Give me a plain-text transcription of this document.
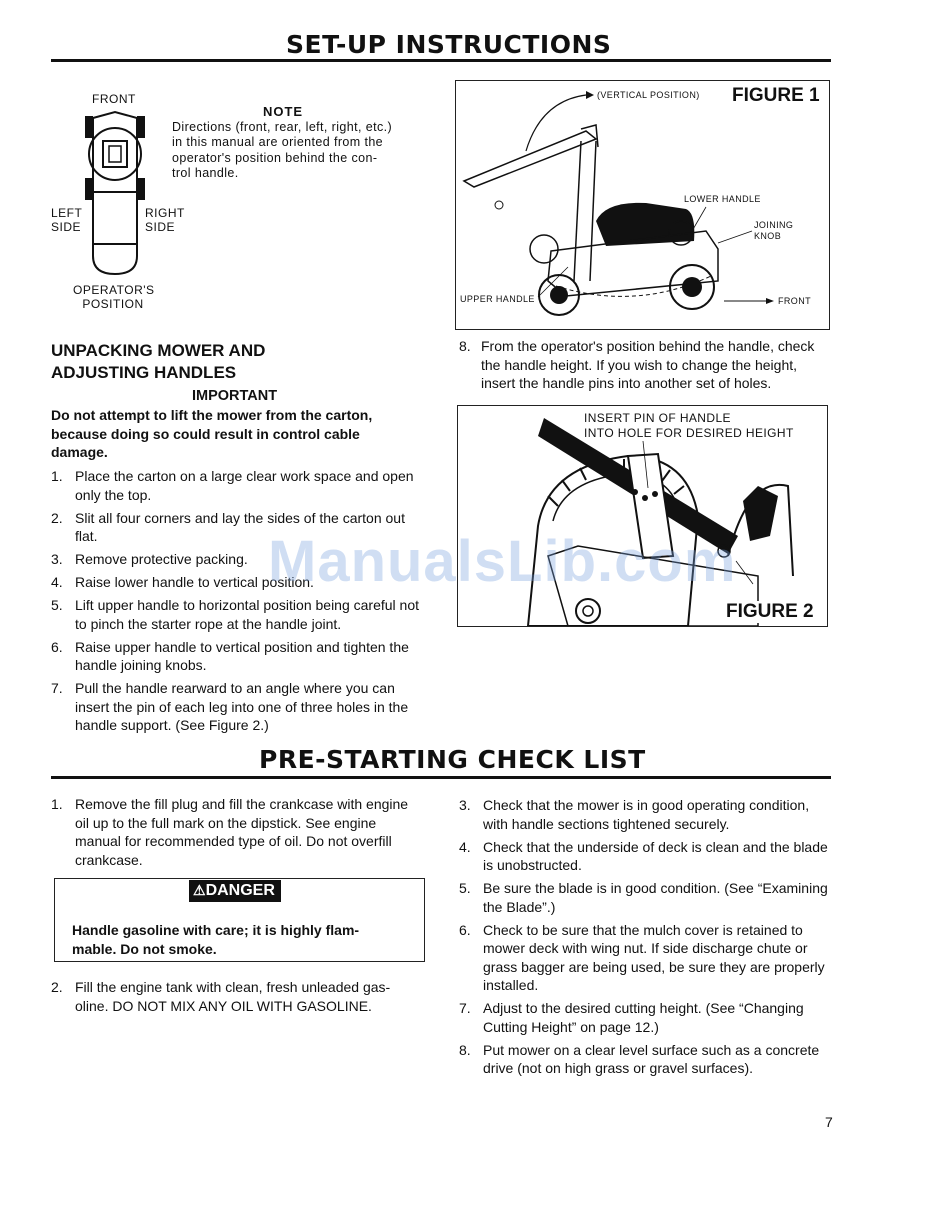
SET-UP INSTRUCTIONS
FRONT
LEFT
SIDE
RIGHT
SIDE
OPERATOR'S
POSITION
NOTE
Directions (front, rear, left, right, etc.)
in this manual are oriented from the
operator's position behind the con-
trol handle.
FIGURE 1
(VERTICAL POSITION)
LOWER HANDLE
JOINING
KNOB
UPPER HANDLE	FRONT
UNPACKING MOWER AND
ADJUSTING HANDLES
IMPORTANT
Do not attempt to lift the mower from the carton,
because doing so could result in control cable
damage.
1. Place the carton on a large clear work space and open only the top.
2. Slit all four corners and lay the sides of the carton out flat.
3. Remove protective packing.
4. Raise lower handle to vertical position.
5. Lift upper handle to horizontal position being careful not to pinch the starter rope at the handle joint.
6. Raise upper handle to vertical position and tighten the handle joining knobs.
7. Pull the handle rearward to an angle where you can insert the pin of each leg into one of three holes in the handle support. (See Figure 2.)
8. From the operator's position behind the handle, check
the handle height. If you wish to change the height,
insert the handle pins into another set of holes.
INSERT PIN OF HANDLE
INTO HOLE FOR DESIRED HEIGHT
FIGURE 2
ManualsLib.com
PRE-STARTING CHECK LIST
1. Remove the fill plug and fill the crankcase with engine
oil up to the full mark on the dipstick. See engine
manual for recommended type of oil. Do not overfill
crankcase.
⚠DANGER
Handle gasoline with care; it is highly flam-
mable. Do not smoke.
2. Fill the engine tank with clean, fresh unleaded gas-
oline. DO NOT MIX ANY OIL WITH GASOLINE.
3. Check that the mower is in good operating condition, with handle sections tightened securely.
4. Check that the underside of deck is clean and the blade is unobstructed.
5. Be sure the blade is in good condition. (See “Examining the Blade”.)
6. Check to be sure that the mulch cover is retained to mower deck with wing nut. If side discharge chute or grass bagger are being used, be sure they are properly installed.
7. Adjust to the desired cutting height. (See “Changing Cutting Height” on page 12.)
8. Put mower on a clear level surface such as a concrete drive (not on high grass or gravel surfaces).
7
